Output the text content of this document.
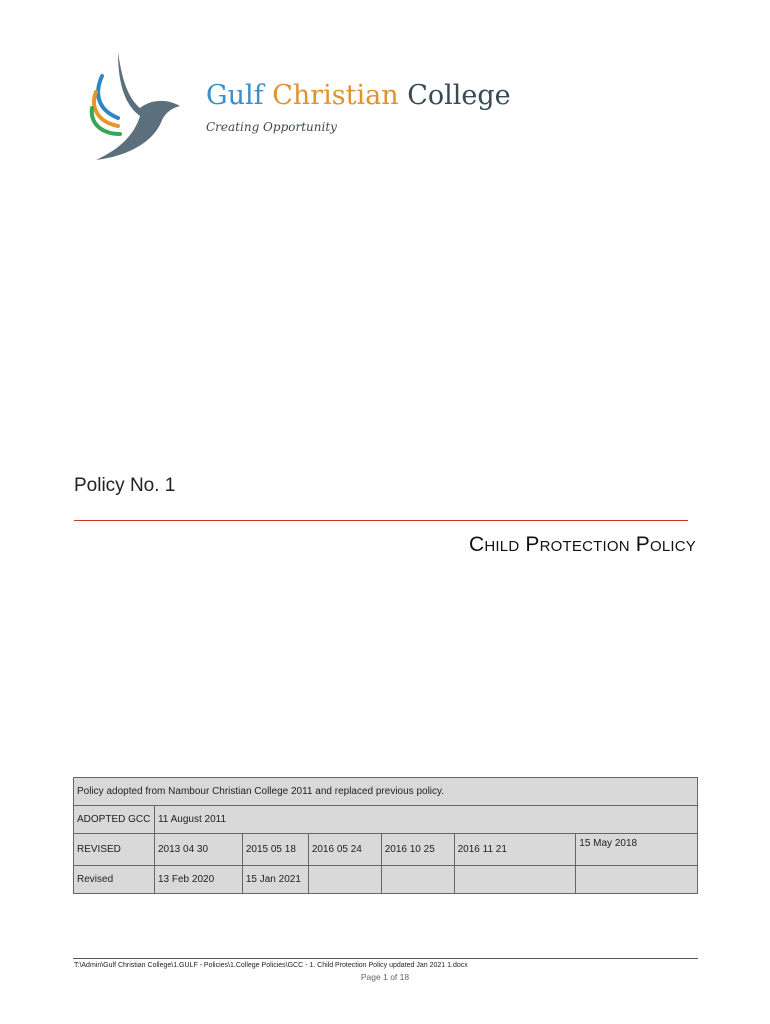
Gulf Christian College
Creating Opportunity
Policy No. 1
Child Protection Policy
Policy adopted from Nambour Christian College 2011 and replaced previous policy.						
ADOPTED GCC	11 August 2011					
REVISED	2013 04 30	2015 05 18	2016 05 24	2016 10 25	2016 11 21	15 May 2018
Revised	13 Feb 2020	15 Jan 2021				
T:\Admin\Gulf Christian College\1.GULF - Policies\1.College Policies\GCC - 1. Child Protection Policy updated Jan 2021 1.docx
Page 1 of 18
